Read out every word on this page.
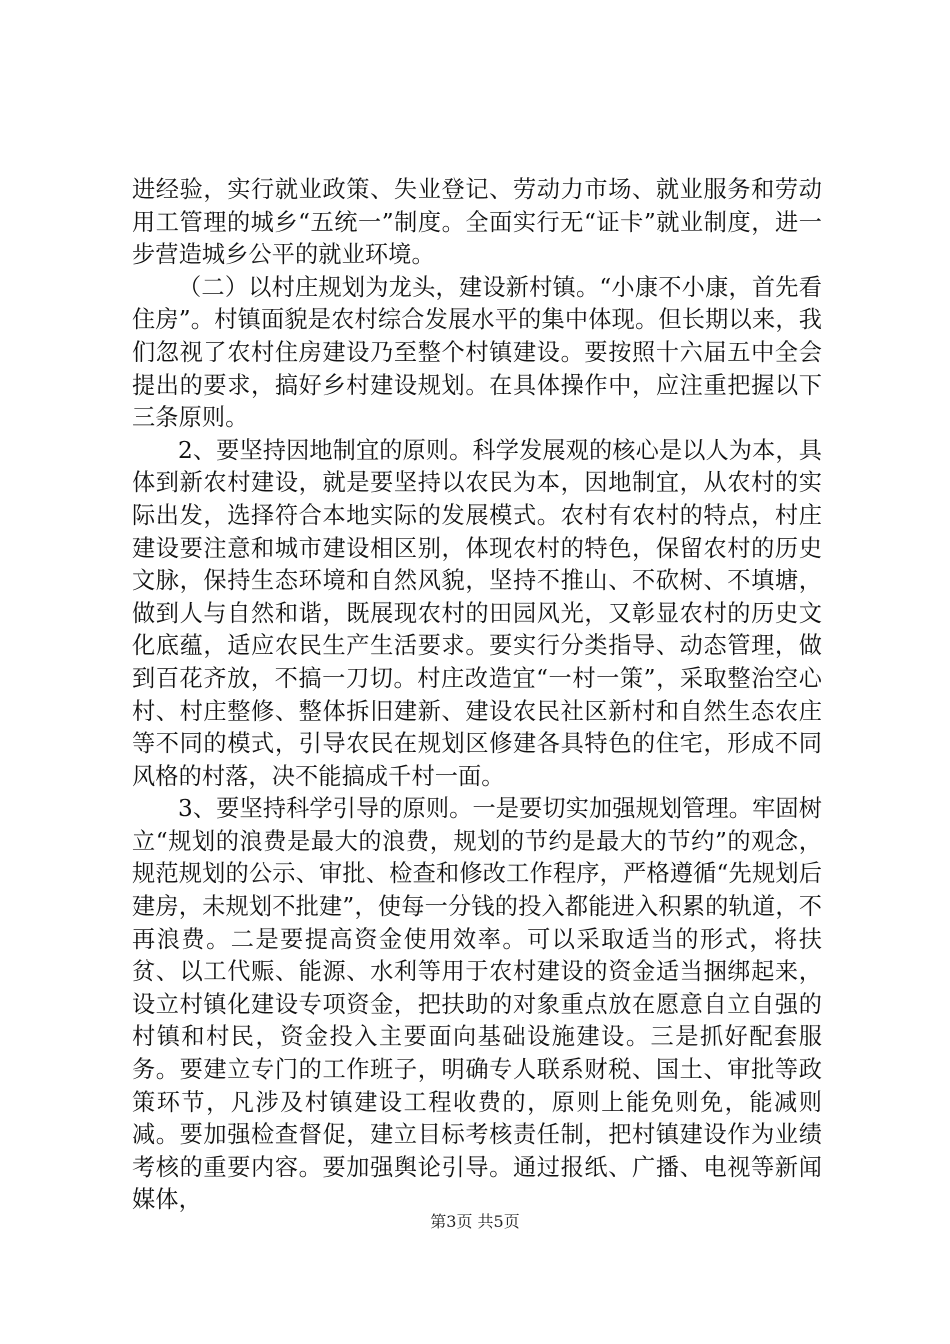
进经验，实行就业政策、失业登记、劳动力市场、就业服务和劳动用工管理的城乡“五统一”制度。全面实行无“证卡”就业制度，进一步营造城乡公平的就业环境。

（二）以村庄规划为龙头，建设新村镇。“小康不小康，首先看住房”。村镇面貌是农村综合发展水平的集中体现。但长期以来，我们忽视了农村住房建设乃至整个村镇建设。要按照十六届五中全会提出的要求，搞好乡村建设规划。在具体操作中，应注重把握以下三条原则。

2、要坚持因地制宜的原则。科学发展观的核心是以人为本，具体到新农村建设，就是要坚持以农民为本，因地制宜，从农村的实际出发，选择符合本地实际的发展模式。农村有农村的特点，村庄建设要注意和城市建设相区别，体现农村的特色，保留农村的历史文脉，保持生态环境和自然风貌，坚持不推山、不砍树、不填塘，做到人与自然和谐，既展现农村的田园风光，又彰显农村的历史文化底蕴，适应农民生产生活要求。要实行分类指导、动态管理，做到百花齐放，不搞一刀切。村庄改造宜“一村一策”，采取整治空心村、村庄整修、整体拆旧建新、建设农民社区新村和自然生态农庄等不同的模式，引导农民在规划区修建各具特色的住宅，形成不同风格的村落，决不能搞成千村一面。

3、要坚持科学引导的原则。一是要切实加强规划管理。牢固树立“规划的浪费是最大的浪费，规划的节约是最大的节约”的观念，规范规划的公示、审批、检查和修改工作程序，严格遵循“先规划后建房，未规划不批建”，使每一分钱的投入都能进入积累的轨道，不再浪费。二是要提高资金使用效率。可以采取适当的形式，将扶贫、以工代赈、能源、水利等用于农村建设的资金适当捆绑起来，设立村镇化建设专项资金，把扶助的对象重点放在愿意自立自强的村镇和村民，资金投入主要面向基础设施建设。三是抓好配套服务。要建立专门的工作班子，明确专人联系财税、国土、审批等政策环节，凡涉及村镇建设工程收费的，原则上能免则免，能减则减。要加强检查督促，建立目标考核责任制，把村镇建设作为业绩考核的重要内容。要加强舆论引导。通过报纸、广播、电视等新闻媒体，

第3页 共5页
